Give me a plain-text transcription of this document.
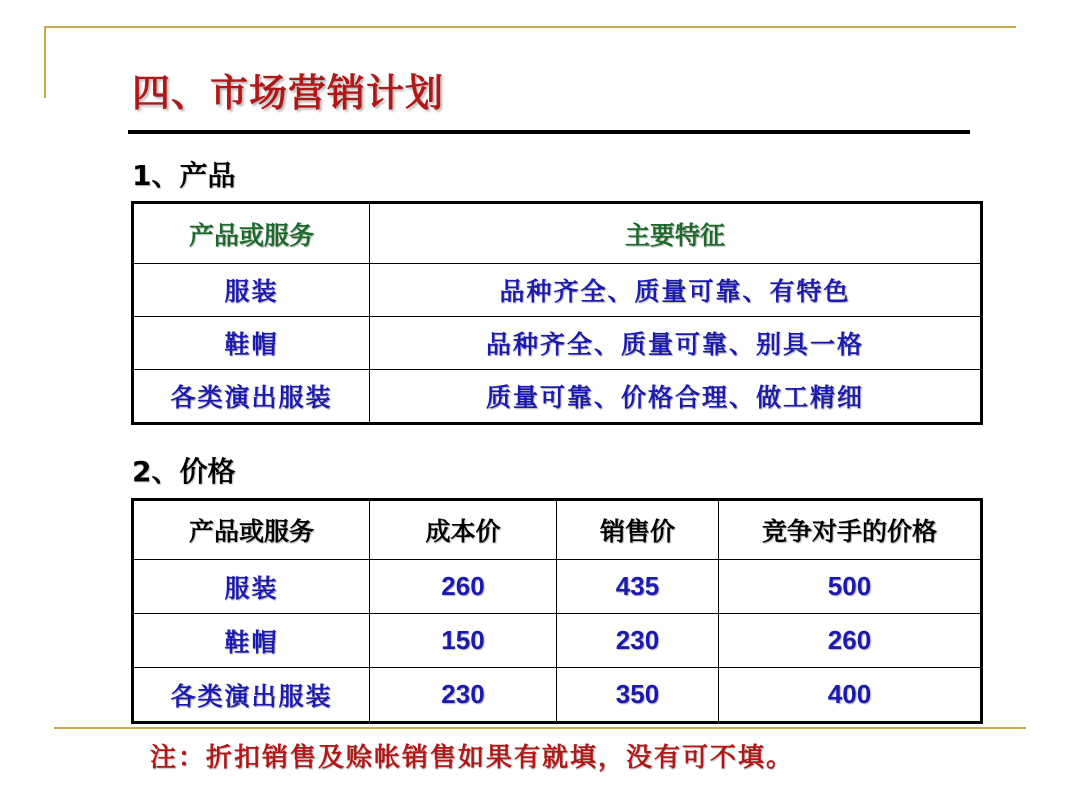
四、市场营销计划
1、产品
产品或服务	主要特征
服装	品种齐全、质量可靠、有特色
鞋帽	品种齐全、质量可靠、别具一格
各类演出服装	质量可靠、价格合理、做工精细
2、价格
产品或服务	成本价	销售价	竞争对手的价格
服装	260	435	500
鞋帽	150	230	260
各类演出服装	230	350	400
注：折扣销售及赊帐销售如果有就填，没有可不填。
